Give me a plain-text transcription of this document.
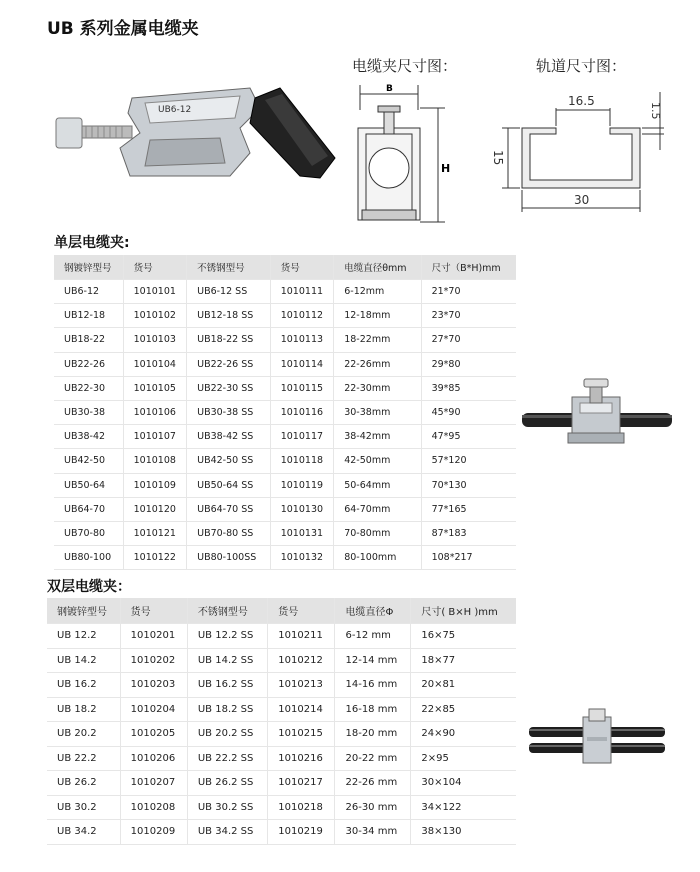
UB 系列金属电缆夹
UB6-12
电缆夹尺寸图：
B
H
轨道尺寸图：
16.5
1.5
15
30
单层电缆夹:
钢镀锌型号	货号	不锈钢型号	货号	电缆直径θmm	尺寸（B*H)mm
UB6-12	1010101	UB6-12 SS	1010111	6-12mm	21*70
UB12-18	1010102	UB12-18 SS	1010112	12-18mm	23*70
UB18-22	1010103	UB18-22 SS	1010113	18-22mm	27*70
UB22-26	1010104	UB22-26 SS	1010114	22-26mm	29*80
UB22-30	1010105	UB22-30 SS	1010115	22-30mm	39*85
UB30-38	1010106	UB30-38 SS	1010116	30-38mm	45*90
UB38-42	1010107	UB38-42 SS	1010117	38-42mm	47*95
UB42-50	1010108	UB42-50 SS	1010118	42-50mm	57*120
UB50-64	1010109	UB50-64 SS	1010119	50-64mm	70*130
UB64-70	1010120	UB64-70 SS	1010130	64-70mm	77*165
UB70-80	1010121	UB70-80 SS	1010131	70-80mm	87*183
UB80-100	1010122	UB80-100SS	1010132	80-100mm	108*217
双层电缆夹：
钢镀锌型号	货号	不锈钢型号	货号	电缆直径Φ	尺寸( B×H )mm
UB 12.2	1010201	UB 12.2 SS	1010211	6-12 mm	16×75
UB 14.2	1010202	UB 14.2 SS	1010212	12-14 mm	18×77
UB 16.2	1010203	UB 16.2 SS	1010213	14-16 mm	20×81
UB 18.2	1010204	UB 18.2 SS	1010214	16-18 mm	22×85
UB 20.2	1010205	UB 20.2 SS	1010215	18-20 mm	24×90
UB 22.2	1010206	UB 22.2 SS	1010216	20-22 mm	2×95
UB 26.2	1010207	UB 26.2 SS	1010217	22-26 mm	30×104
UB 30.2	1010208	UB 30.2 SS	1010218	26-30 mm	34×122
UB 34.2	1010209	UB 34.2 SS	1010219	30-34 mm	38×130
